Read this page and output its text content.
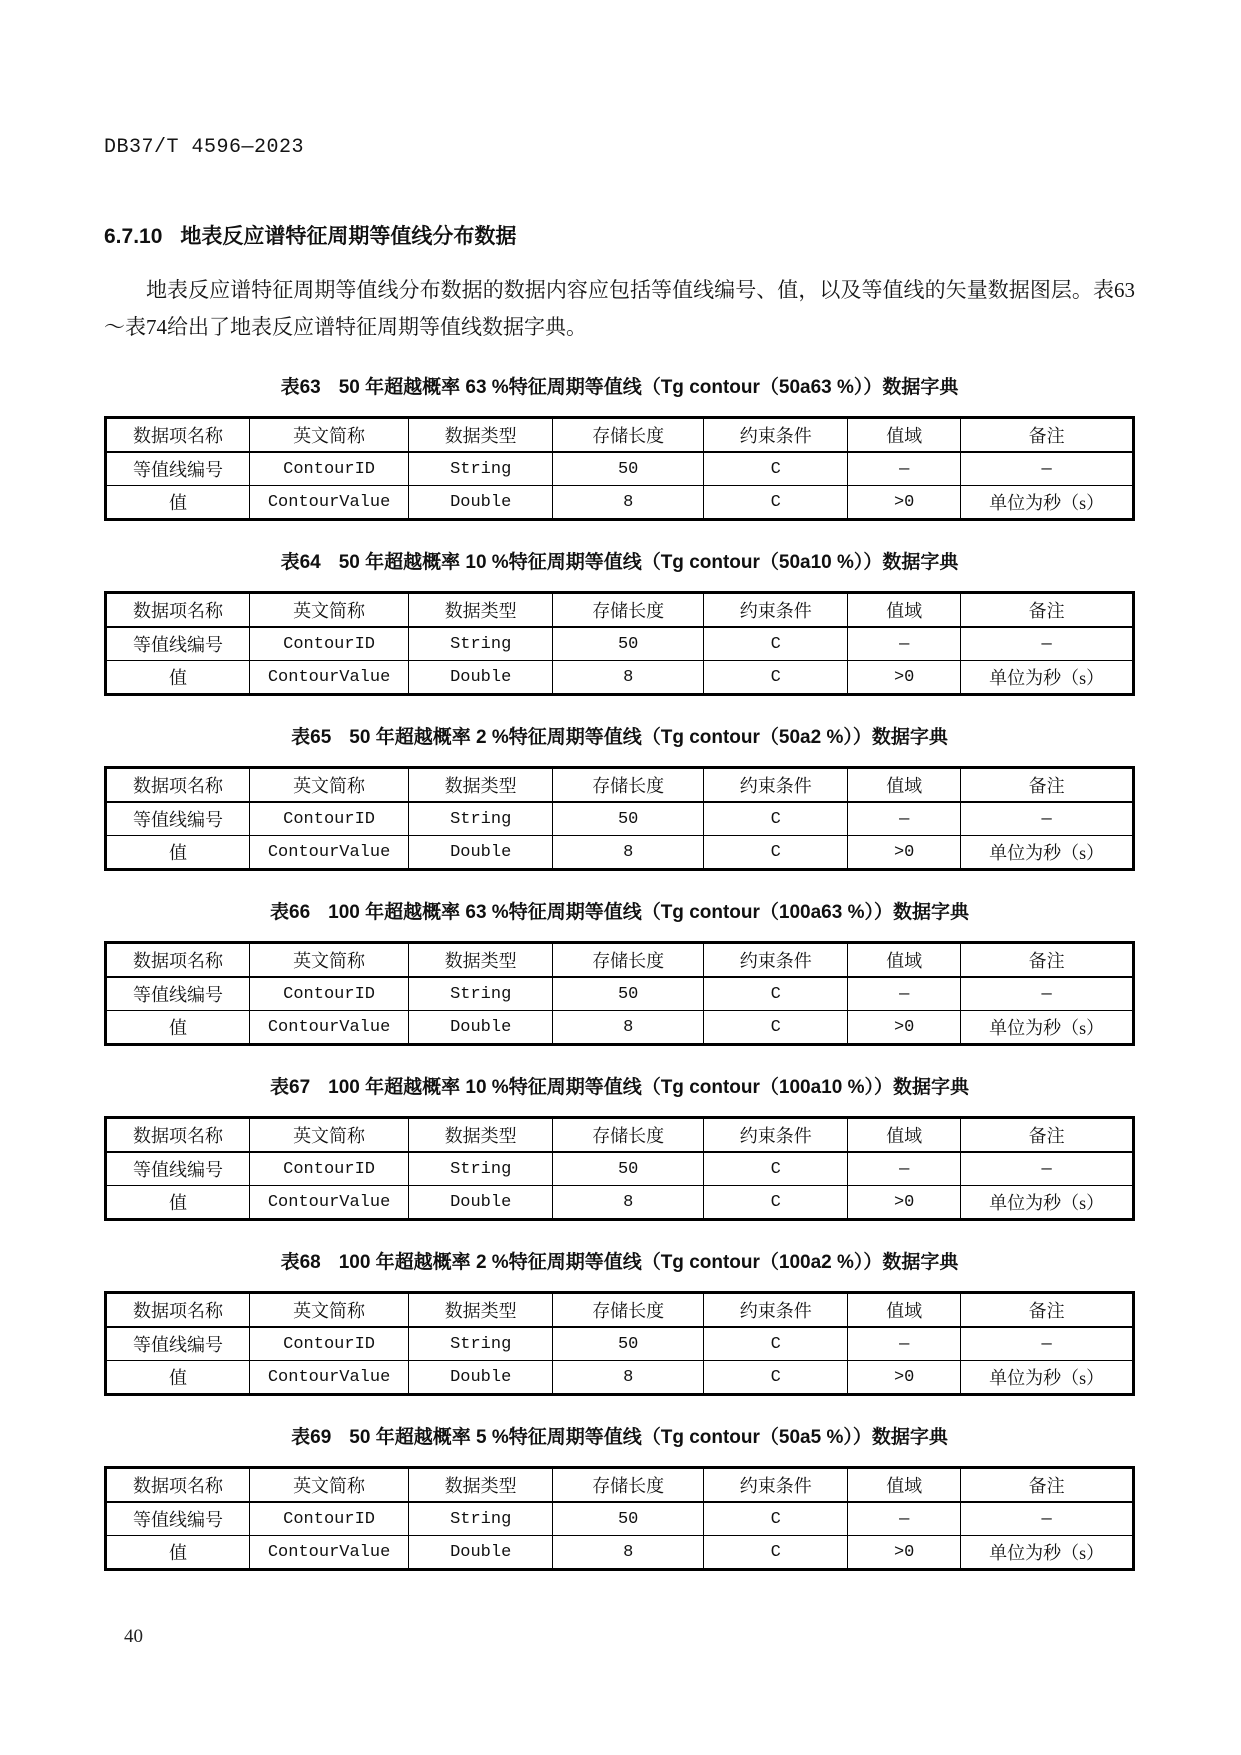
DB37/T 4596—2023
6.7.10 地表反应谱特征周期等值线分布数据

地表反应谱特征周期等值线分布数据的数据内容应包括等值线编号、值，以及等值线的矢量数据图层。表63～表74给出了地表反应谱特征周期等值线数据字典。

表63 50 年超越概率 63 %特征周期等值线（Tg contour（50a63 %））数据字典
数据项名称	英文简称	数据类型	存储长度	约束条件	值域	备注
等值线编号	ContourID	String	50	C	—	—
值	ContourValue	Double	8	C	>0	单位为秒（s）
表64 50 年超越概率 10 %特征周期等值线（Tg contour（50a10 %））数据字典
数据项名称	英文简称	数据类型	存储长度	约束条件	值域	备注
等值线编号	ContourID	String	50	C	—	—
值	ContourValue	Double	8	C	>0	单位为秒（s）
表65 50 年超越概率 2 %特征周期等值线（Tg contour（50a2 %））数据字典
数据项名称	英文简称	数据类型	存储长度	约束条件	值域	备注
等值线编号	ContourID	String	50	C	—	—
值	ContourValue	Double	8	C	>0	单位为秒（s）
表66 100 年超越概率 63 %特征周期等值线（Tg contour（100a63 %））数据字典
数据项名称	英文简称	数据类型	存储长度	约束条件	值域	备注
等值线编号	ContourID	String	50	C	—	—
值	ContourValue	Double	8	C	>0	单位为秒（s）
表67 100 年超越概率 10 %特征周期等值线（Tg contour（100a10 %））数据字典
数据项名称	英文简称	数据类型	存储长度	约束条件	值域	备注
等值线编号	ContourID	String	50	C	—	—
值	ContourValue	Double	8	C	>0	单位为秒（s）
表68 100 年超越概率 2 %特征周期等值线（Tg contour（100a2 %））数据字典
数据项名称	英文简称	数据类型	存储长度	约束条件	值域	备注
等值线编号	ContourID	String	50	C	—	—
值	ContourValue	Double	8	C	>0	单位为秒（s）
表69 50 年超越概率 5 %特征周期等值线（Tg contour（50a5 %））数据字典
数据项名称	英文简称	数据类型	存储长度	约束条件	值域	备注
等值线编号	ContourID	String	50	C	—	—
值	ContourValue	Double	8	C	>0	单位为秒（s）
40
